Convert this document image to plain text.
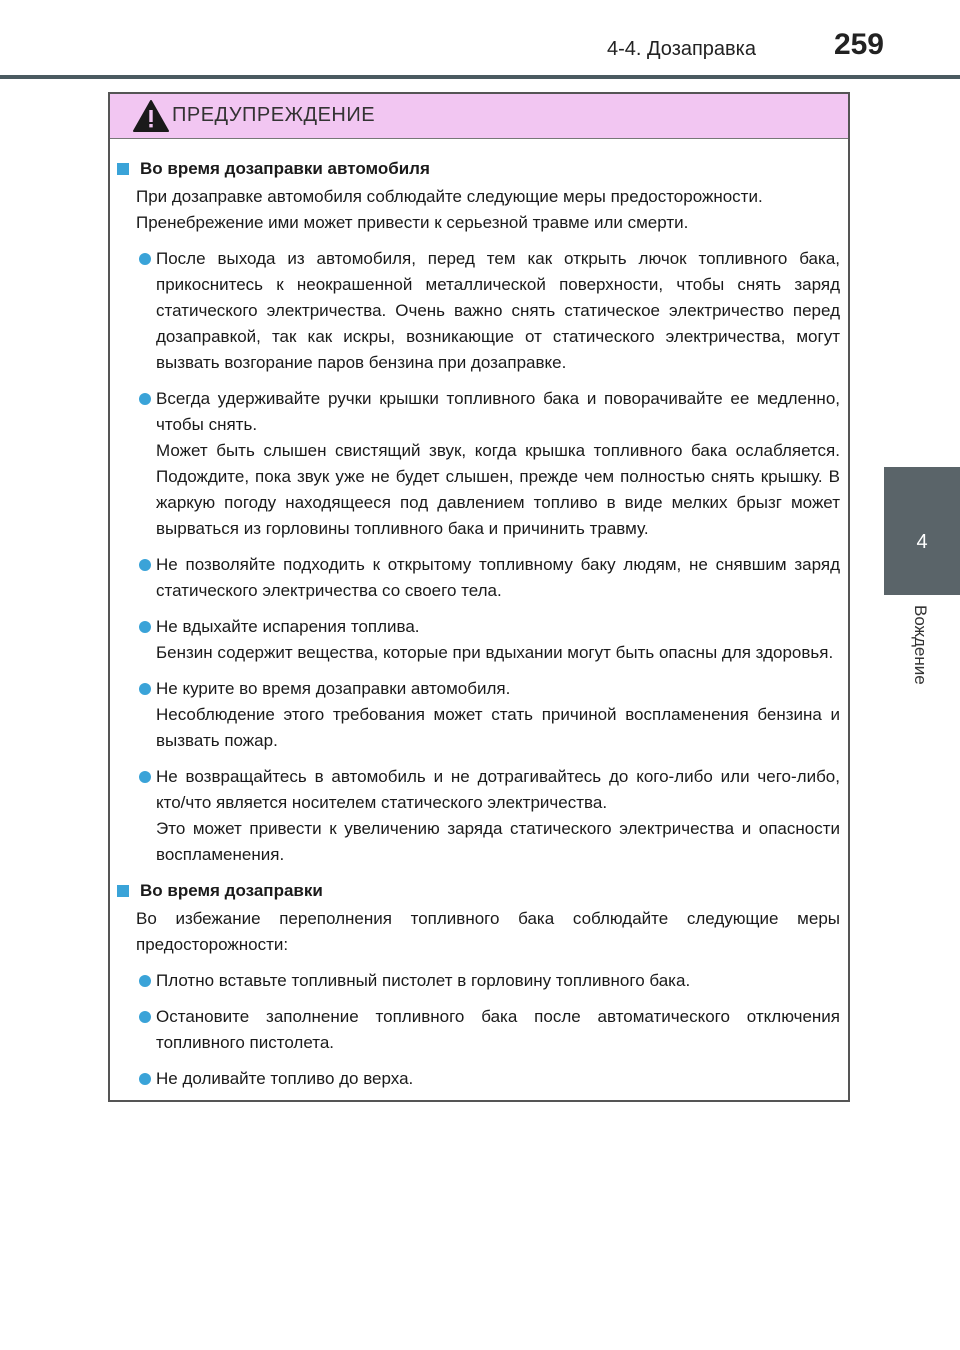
4-4. Дозаправка	259
4
Вождение
ПРЕДУПРЕЖДЕНИЕ
Во время дозаправки автомобиля

При дозаправке автомобиля соблюдайте следующие меры предосторожности.

Пренебрежение ими может привести к серьезной травме или смерти.

После выхода из автомобиля, перед тем как открыть лючок топливного бака, прикоснитесь к неокрашенной металлической поверхности, чтобы снять заряд статического электричества. Очень важно снять статическое электричество перед дозаправкой, так как искры, возникающие от статического электричества, могут вызвать возгорание паров бензина при дозаправке.

Всегда удерживайте ручки крышки топливного бака и поворачивайте ее медленно, чтобы снять.

Может быть слышен свистящий звук, когда крышка топливного бака ослабляется. Подождите, пока звук уже не будет слышен, прежде чем полностью снять крышку. В жаркую погоду находящееся под давлением топливо в виде мелких брызг может вырваться из горловины топливного бака и причинить травму.

Не позволяйте подходить к открытому топливному баку людям, не снявшим заряд статического электричества со своего тела.

Не вдыхайте испарения топлива.

Бензин содержит вещества, которые при вдыхании могут быть опасны для здоровья.

Не курите во время дозаправки автомобиля.

Несоблюдение этого требования может стать причиной воспламенения бензина и вызвать пожар.

Не возвращайтесь в автомобиль и не дотрагивайтесь до кого-либо или чего-либо, кто/что является носителем статического электричества.

Это может привести к увеличению заряда статического электричества и опасности воспламенения.

Во время дозаправки

Во избежание переполнения топливного бака соблюдайте следующие меры предосторожности:

Плотно вставьте топливный пистолет в горловину топливного бака.

Остановите заполнение топливного бака после автоматического отключения топливного пистолета.

Не доливайте топливо до верха.
